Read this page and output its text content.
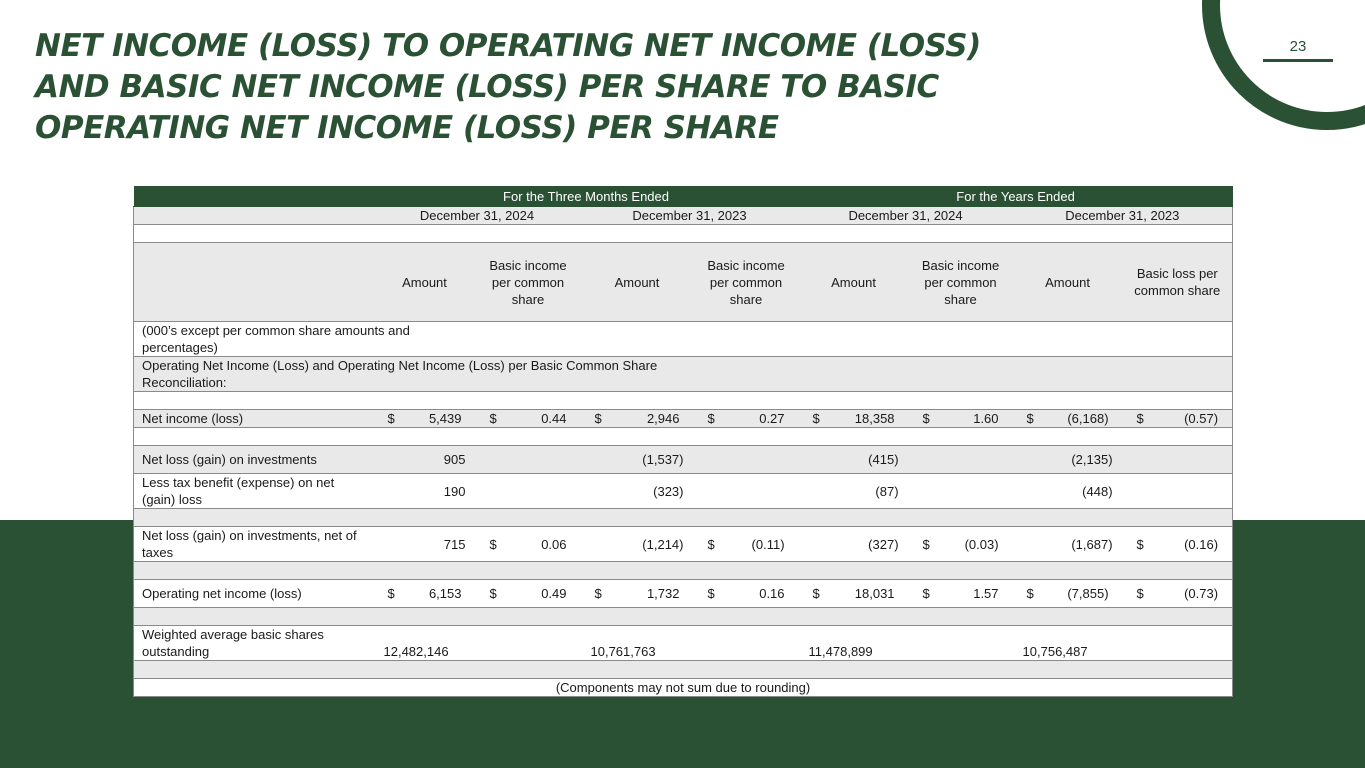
23
NET INCOME (LOSS) TO OPERATING NET INCOME (LOSS)
AND BASIC NET INCOME (LOSS) PER SHARE TO BASIC
OPERATING NET INCOME (LOSS) PER SHARE
	For the Three Months Ended				For the Years Ended			
	December 31, 2024		December 31, 2023		December 31, 2024		December 31, 2023	

	Amount	Basic income per common share	Amount	Basic income per common share	Amount	Basic income per common share	Amount	Basic loss per common share
(000’s except per common share amounts and percentages)								
Operating Net Income (Loss) and Operating Net Income (Loss) per Basic Common Share Reconciliation:								

Net income (loss)	$ 5,439	$ 0.44	$ 2,946	$ 0.27	$ 18,358	$ 1.60	$ (6,168)	$ (0.57)

Net loss (gain) on investments	905		(1,537)		(415)		(2,135)	
Less tax benefit (expense) on net (gain) loss	190		(323)		(87)		(448)	

Net loss (gain) on investments, net of taxes	715	$ 0.06	(1,214)	$ (0.11)	(327)	$ (0.03)	(1,687)	$ (0.16)

Operating net income (loss)	$ 6,153	$ 0.49	$ 1,732	$ 0.16	$ 18,031	$ 1.57	$ (7,855)	$ (0.73)

Weighted average basic shares outstanding	12,482,146		10,761,763		11,478,899		10,756,487	

(Components may not sum due to rounding)								
